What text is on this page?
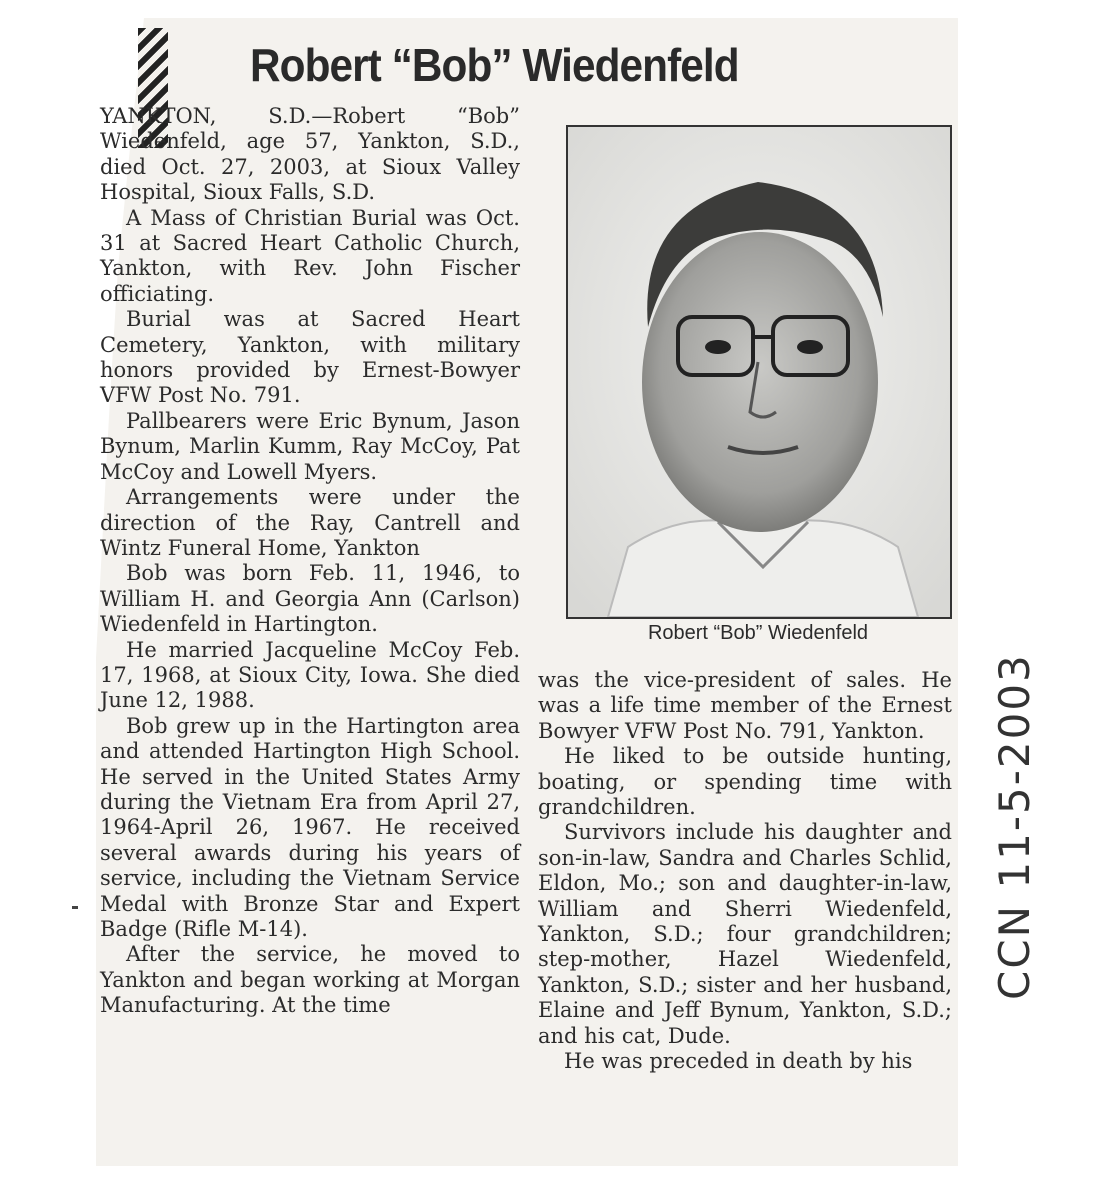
Robert “Bob” Wiedenfeld

YANKTON, S.D.—Robert “Bob” Wiedenfeld, age 57, Yankton, S.D., died Oct. 27, 2003, at Sioux Valley Hospital, Sioux Falls, S.D.

A Mass of Christian Burial was Oct. 31 at Sacred Heart Catholic Church, Yankton, with Rev. John Fischer officiating.

Burial was at Sacred Heart Cemetery, Yankton, with military honors provided by Ernest-Bowyer VFW Post No. 791.

Pallbearers were Eric Bynum, Jason Bynum, Marlin Kumm, Ray McCoy, Pat McCoy and Lowell Myers.

Arrangements were under the direction of the Ray, Cantrell and Wintz Funeral Home, Yankton

Bob was born Feb. 11, 1946, to William H. and Georgia Ann (Carlson) Wiedenfeld in Hartington.

He married Jacqueline McCoy Feb. 17, 1968, at Sioux City, Iowa. She died June 12, 1988.

Bob grew up in the Hartington area and attended Hartington High School. He served in the United States Army during the Vietnam Era from April 27, 1964-April 26, 1967. He received several awards during his years of service, including the Vietnam Service Medal with Bronze Star and Expert Badge (Rifle M-14).

After the service, he moved to Yankton and began working at Morgan Manufacturing. At the time

Robert “Bob” Wiedenfeld

was the vice-president of sales. He was a life time member of the Ernest Bowyer VFW Post No. 791, Yankton.

He liked to be outside hunting, boating, or spending time with grandchildren.

Survivors include his daughter and son-in-law, Sandra and Charles Schlid, Eldon, Mo.; son and daughter-in-law, William and Sherri Wiedenfeld, Yankton, S.D.; four grandchildren; step-mother, Hazel Wiedenfeld, Yankton, S.D.; sister and her husband, Elaine and Jeff Bynum, Yankton, S.D.; and his cat, Dude.

He was preceded in death by his

CCN 11-5-2003
